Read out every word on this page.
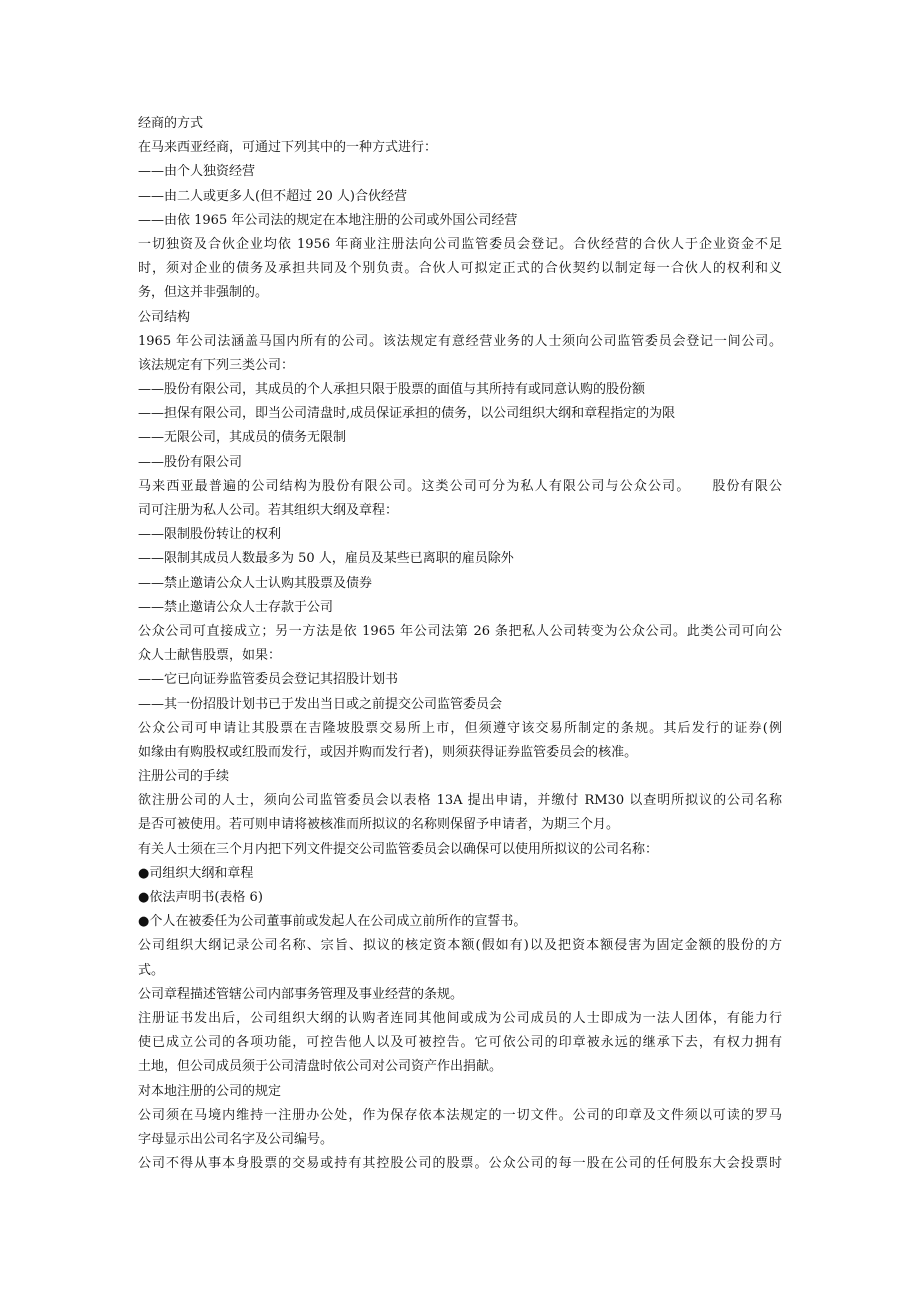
经商的方式
在马来西亚经商，可通过下列其中的一种方式进行：
——由个人独资经营
——由二人或更多人(但不超过 20 人)合伙经营
——由依 1965 年公司法的规定在本地注册的公司或外国公司经营
一切独资及合伙企业均依 1956 年商业注册法向公司监管委员会登记。合伙经营的合伙人于企业资金不足
时，须对企业的债务及承担共同及个别负责。合伙人可拟定正式的合伙契约以制定每一合伙人的权利和义
务，但这并非强制的。
公司结构
1965 年公司法涵盖马国内所有的公司。该法规定有意经营业务的人士须向公司监管委员会登记一间公司。
该法规定有下列三类公司：
——股份有限公司，其成员的个人承担只限于股票的面值与其所持有或同意认购的股份额
——担保有限公司，即当公司清盘时,成员保证承担的债务，以公司组织大纲和章程指定的为限
——无限公司，其成员的债务无限制
——股份有限公司
马来西亚最普遍的公司结构为股份有限公司。这类公司可分为私人有限公司与公众公司。　　股份有限公
司可注册为私人公司。若其组织大纲及章程：
——限制股份转让的权利
——限制其成员人数最多为 50 人，雇员及某些已离职的雇员除外
——禁止邀请公众人士认购其股票及债券
——禁止邀请公众人士存款于公司
公众公司可直接成立；另一方法是依 1965 年公司法第 26 条把私人公司转变为公众公司。此类公司可向公
众人士献售股票，如果：
——它已向证券监管委员会登记其招股计划书
——其一份招股计划书已于发出当日或之前提交公司监管委员会
公众公司可申请让其股票在吉隆坡股票交易所上市，但须遵守该交易所制定的条规。其后发行的证券(例
如缘由有购股权或红股而发行，或因并购而发行者)，则须获得证券监管委员会的核准。
注册公司的手续
欲注册公司的人士，须向公司监管委员会以表格 13A 提出申请，并缴付 RM30 以查明所拟议的公司名称
是否可被使用。若可则申请将被核准而所拟议的名称则保留予申请者，为期三个月。
有关人士须在三个月内把下列文件提交公司监管委员会以确保可以使用所拟议的公司名称：
●司组织大纲和章程
●依法声明书(表格 6)
●个人在被委任为公司董事前或发起人在公司成立前所作的宣誓书。
公司组织大纲记录公司名称、宗旨、拟议的核定资本额(假如有)以及把资本额侵害为固定金额的股份的方
式。
公司章程描述管辖公司内部事务管理及事业经营的条规。
注册证书发出后，公司组织大纲的认购者连同其他间或成为公司成员的人士即成为一法人团体，有能力行
使已成立公司的各项功能，可控告他人以及可被控告。它可依公司的印章被永远的继承下去，有权力拥有
土地，但公司成员须于公司清盘时依公司对公司资产作出捐献。
对本地注册的公司的规定
公司须在马境内维持一注册办公处，作为保存依本法规定的一切文件。公司的印章及文件须以可读的罗马
字母显示出公司名字及公司编号。
公司不得从事本身股票的交易或持有其控股公司的股票。公众公司的每一股在公司的任何股东大会投票时
